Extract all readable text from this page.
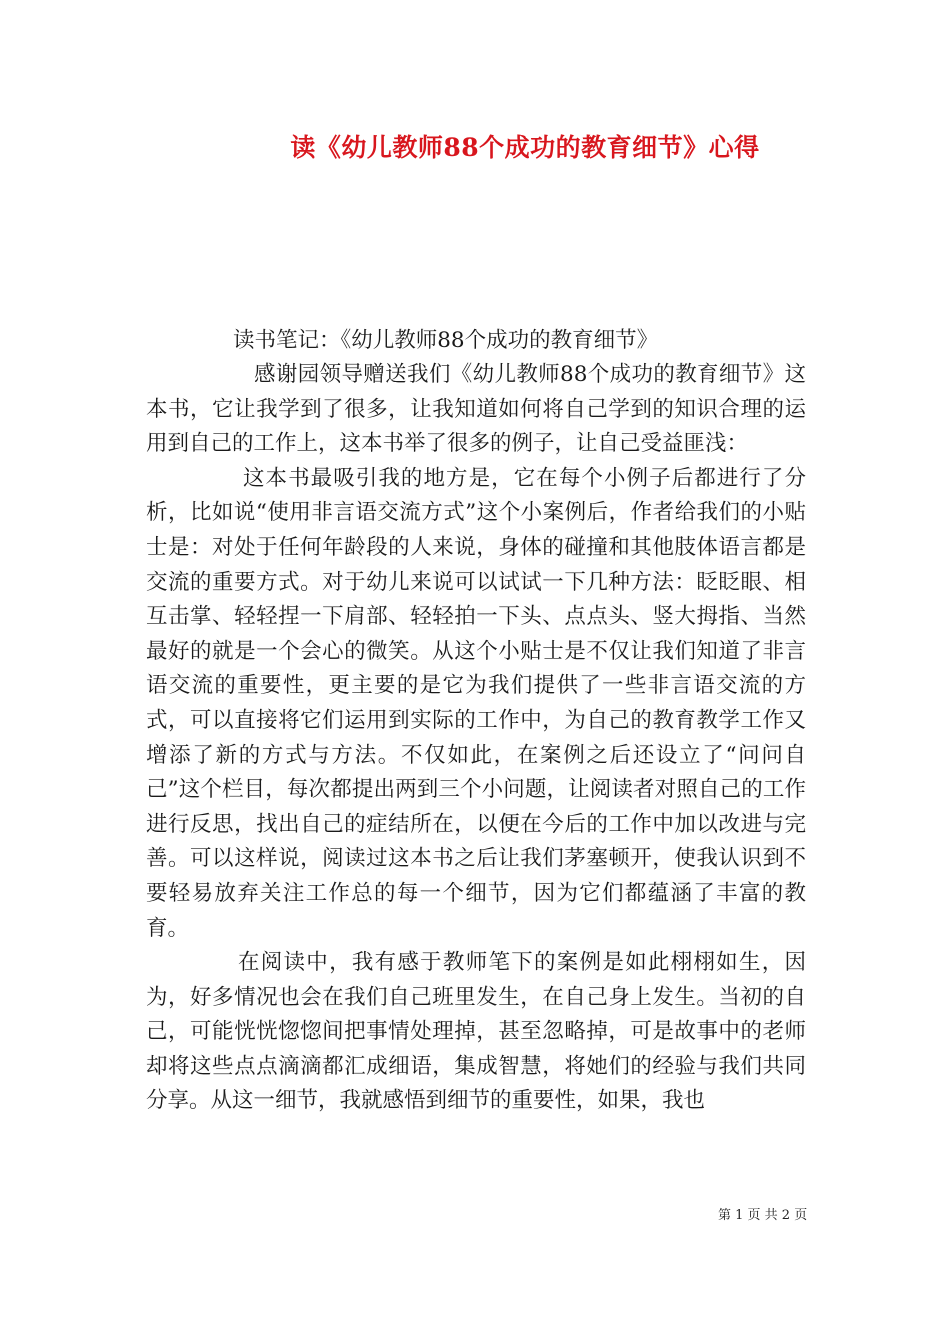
读《幼儿教师88个成功的教育细节》心得
读书笔记：《幼儿教师88个成功的教育细节》

感谢园领导赠送我们《幼儿教师88个成功的教育细节》这本书，它让我学到了很多，让我知道如何将自己学到的知识合理的运用到自己的工作上，这本书举了很多的例子，让自己受益匪浅：

这本书最吸引我的地方是，它在每个小例子后都进行了分析，比如说“使用非言语交流方式”这个小案例后，作者给我们的小贴士是：对处于任何年龄段的人来说，身体的碰撞和其他肢体语言都是交流的重要方式。对于幼儿来说可以试试一下几种方法：眨眨眼、相互击掌、轻轻捏一下肩部、轻轻拍一下头、点点头、竖大拇指、当然最好的就是一个会心的微笑。从这个小贴士是不仅让我们知道了非言语交流的重要性，更主要的是它为我们提供了一些非言语交流的方式，可以直接将它们运用到实际的工作中，为自己的教育教学工作又增添了新的方式与方法。不仅如此，在案例之后还设立了“问问自己”这个栏目，每次都提出两到三个小问题，让阅读者对照自己的工作进行反思，找出自己的症结所在，以便在今后的工作中加以改进与完善。可以这样说，阅读过这本书之后让我们茅塞顿开，使我认识到不要轻易放弃关注工作总的每一个细节，因为它们都蕴涵了丰富的教育。

在阅读中，我有感于教师笔下的案例是如此栩栩如生，因为，好多情况也会在我们自己班里发生，在自己身上发生。当初的自己，可能恍恍惚惚间把事情处理掉，甚至忽略掉，可是故事中的老师却将这些点点滴滴都汇成细语，集成智慧，将她们的经验与我们共同分享。从这一细节，我就感悟到细节的重要性，如果，我也

第 1 页 共 2 页
